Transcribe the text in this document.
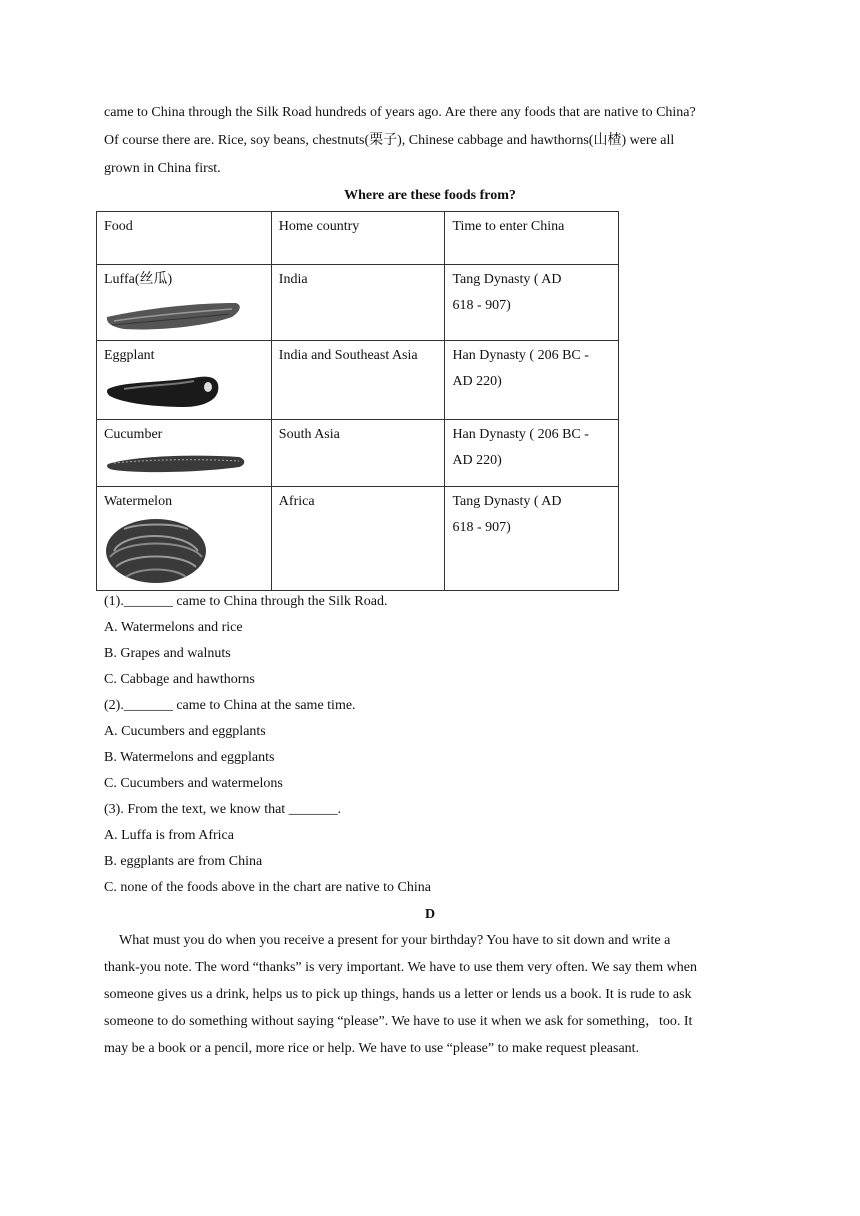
came to China through the Silk Road hundreds of years ago. Are there any foods that are native to China?
Of course there are. Rice, soy beans, chestnuts(栗子), Chinese cabbage and hawthorns(山楂) were all
grown in China first.
Where are these foods from?
Food	Home country	Time to enter China

Luffa(丝瓜)	India	Tang Dynasty ( AD
618 - 907)

Eggplant	India and Southeast Asia	Han Dynasty ( 206 BC -
AD 220)

Cucumber	South Asia	Han Dynasty ( 206 BC -
AD 220)

Watermelon	Africa	Tang Dynasty ( AD
618 - 907)
(1)._______ came to China through the Silk Road.
A. Watermelons and rice
B. Grapes and walnuts
C. Cabbage and hawthorns
(2)._______ came to China at the same time.
A. Cucumbers and eggplants
B. Watermelons and eggplants
C. Cucumbers and watermelons
(3). From the text, we know that _______.
A. Luffa is from Africa
B. eggplants are from China
C. none of the foods above in the chart are native to China
D
What must you do when you receive a present for your birthday? You have to sit down and write a
thank-you note. The word “thanks” is very important. We have to use them very often. We say them when
someone gives us a drink, helps us to pick up things, hands us a letter or lends us a book. It is rude to ask
someone to do something without saying “please”. We have to use it when we ask for something，too. It
may be a book or a pencil, more rice or help. We have to use “please” to make request pleasant.
